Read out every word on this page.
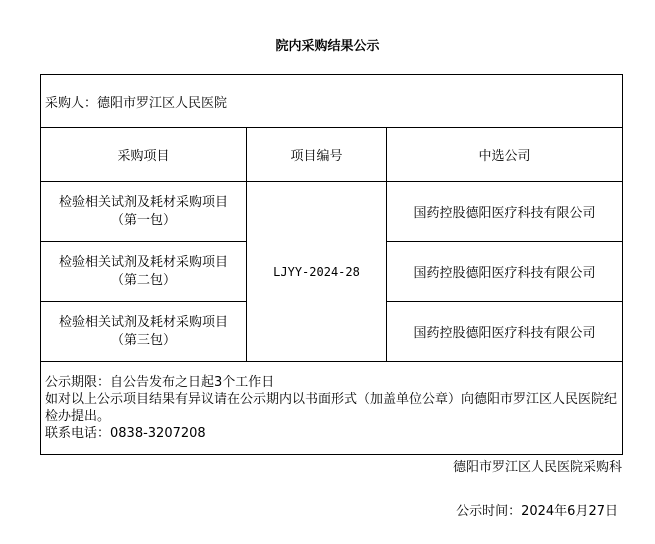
院内采购结果公示
采购人：德阳市罗江区人民医院		
采购项目	项目编号	中选公司

检验相关试剂及耗材采购项目
（第一包）	LJYY-2024-28	国药控股德阳医疗科技有限公司

检验相关试剂及耗材采购项目
（第二包）		国药控股德阳医疗科技有限公司

检验相关试剂及耗材采购项目
（第三包）		国药控股德阳医疗科技有限公司

公示期限：自公告发布之日起3个工作日
如对以上公示项目结果有异议请在公示期内以书面形式（加盖单位公章）向德阳市罗江区人民医院纪检办提出。
联系电话：0838-3207208		
德阳市罗江区人民医院采购科
公示时间：2024年6月27日
